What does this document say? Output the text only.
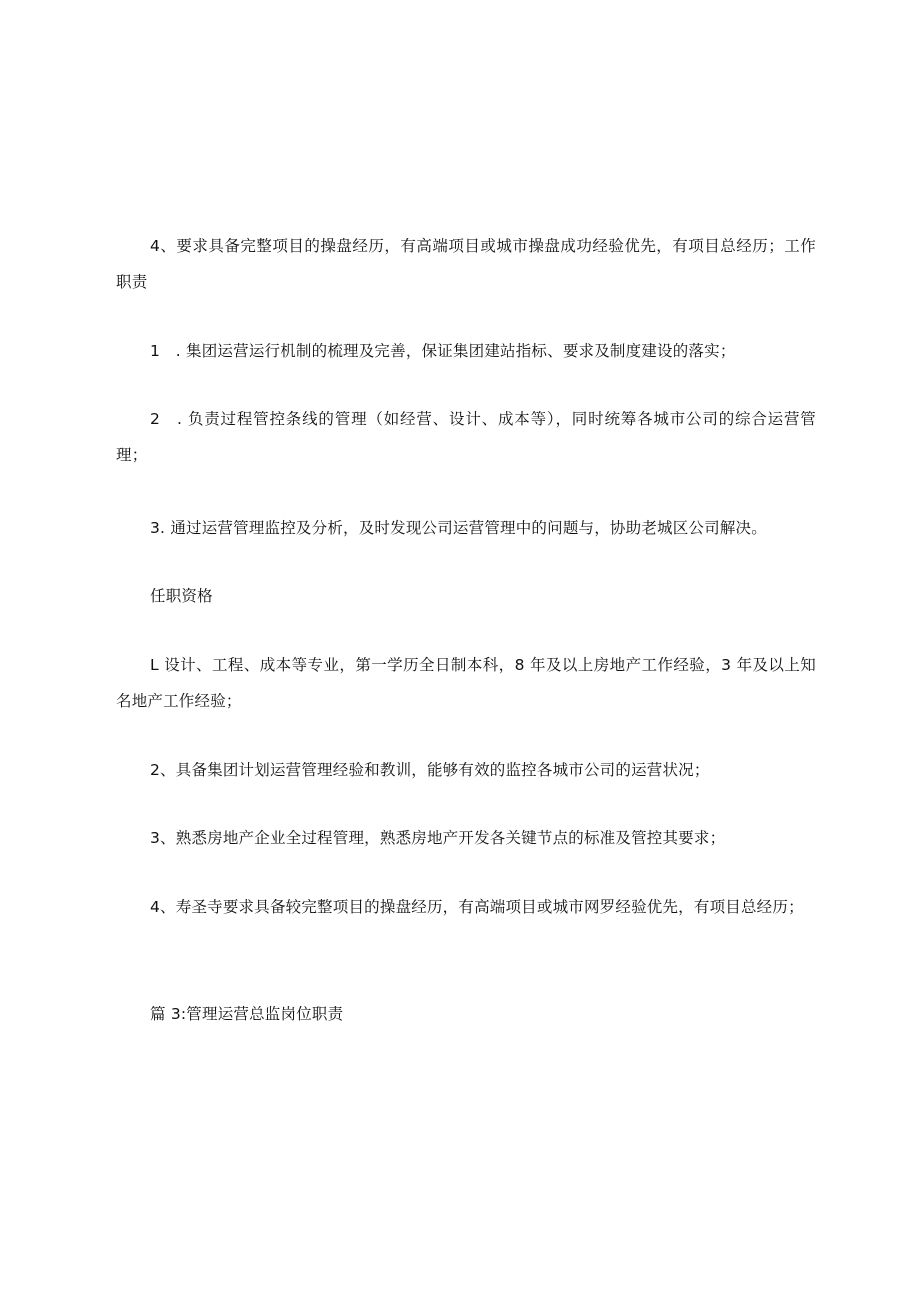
4、要求具备完整项目的操盘经历，有高端项目或城市操盘成功经验优先，有项目总经历；工作职责

1　. 集团运营运行机制的梳理及完善，保证集团建站指标、要求及制度建设的落实；

2　. 负责过程管控条线的管理（如经营、设计、成本等），同时统筹各城市公司的综合运营管理；

3. 通过运营管理监控及分析，及时发现公司运营管理中的问题与，协助老城区公司解决。

任职资格

L 设计、工程、成本等专业，第一学历全日制本科，8 年及以上房地产工作经验，3 年及以上知名地产工作经验；

2、具备集团计划运营管理经验和教训，能够有效的监控各城市公司的运营状况；

3、熟悉房地产企业全过程管理，熟悉房地产开发各关键节点的标准及管控其要求；

4、寿圣寺要求具备较完整项目的操盘经历，有高端项目或城市网罗经验优先，有项目总经历；

篇 3:管理运营总监岗位职责
